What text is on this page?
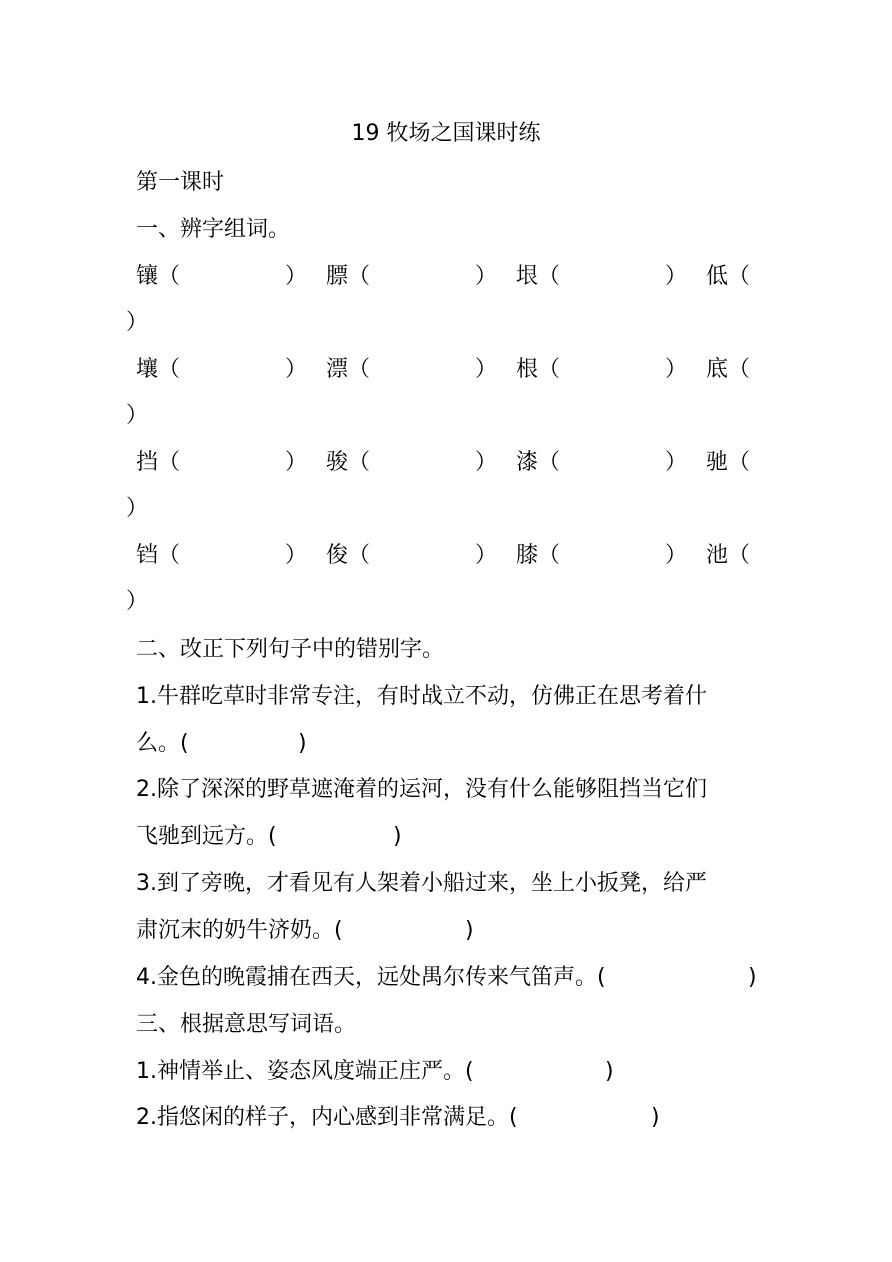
19 牧场之国课时练
第一课时
一、辨字组词。
镶（	） 膘（	） 垠（	） 低（
）
壤（	） 漂（	） 根（	） 底（
）
挡（	） 骏（	） 漆（	） 驰（
）
铛（	） 俊（	） 膝（	） 池（
）
二、改正下列句子中的错别字。
1.牛群吃草时非常专注，有时战立不动，仿佛正在思考着什
么。(	)
2.除了深深的野草遮淹着的运河，没有什么能够阻挡当它们
飞驰到远方。(	)
3.到了旁晚，才看见有人架着小船过来，坐上小扳凳，给严
肃沉末的奶牛济奶。(	)
4.金色的晚霞捕在西天，远处禺尔传来气笛声。(	)
三、根据意思写词语。
1.神情举止、姿态风度端正庄严。(	)
2.指悠闲的样子，内心感到非常满足。(	)
